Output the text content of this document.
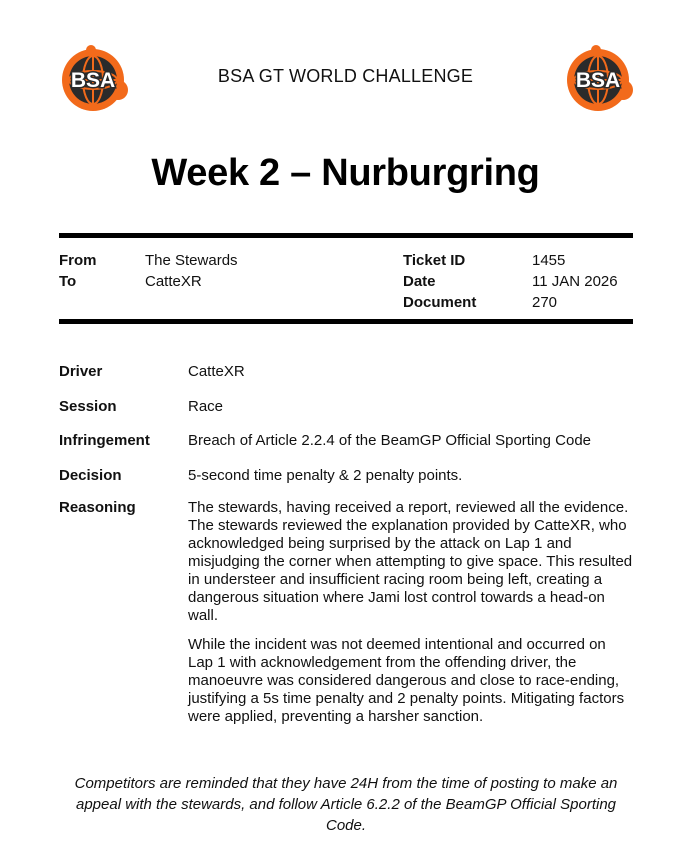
BSA	BSA GT WORLD CHALLENGE	BSA
Week 2 – Nurburgring
From	The Stewards
To	CatteXR
Ticket ID	1455
Date	11 JAN 2026
Document	270
Driver	CatteXR
Session	Race
Infringement	Breach of Article 2.2.4 of the BeamGP Official Sporting Code
Decision	5-second time penalty & 2 penalty points.
Reasoning	The stewards, having received a report, reviewed all the evidence. The stewards reviewed the explanation provided by CatteXR, who acknowledged being surprised by the attack on Lap 1 and misjudging the corner when attempting to give space. This resulted in understeer and insufficient racing room being left, creating a dangerous situation where Jami lost control towards a head-on wall.

While the incident was not deemed intentional and occurred on Lap 1 with acknowledgement from the offending driver, the manoeuvre was considered dangerous and close to race-ending, justifying a 5s time penalty and 2 penalty points. Mitigating factors were applied, preventing a harsher sanction.

Competitors are reminded that they have 24H from the time of posting to make an appeal with the stewards, and follow Article 6.2.2 of the BeamGP Official Sporting Code.
